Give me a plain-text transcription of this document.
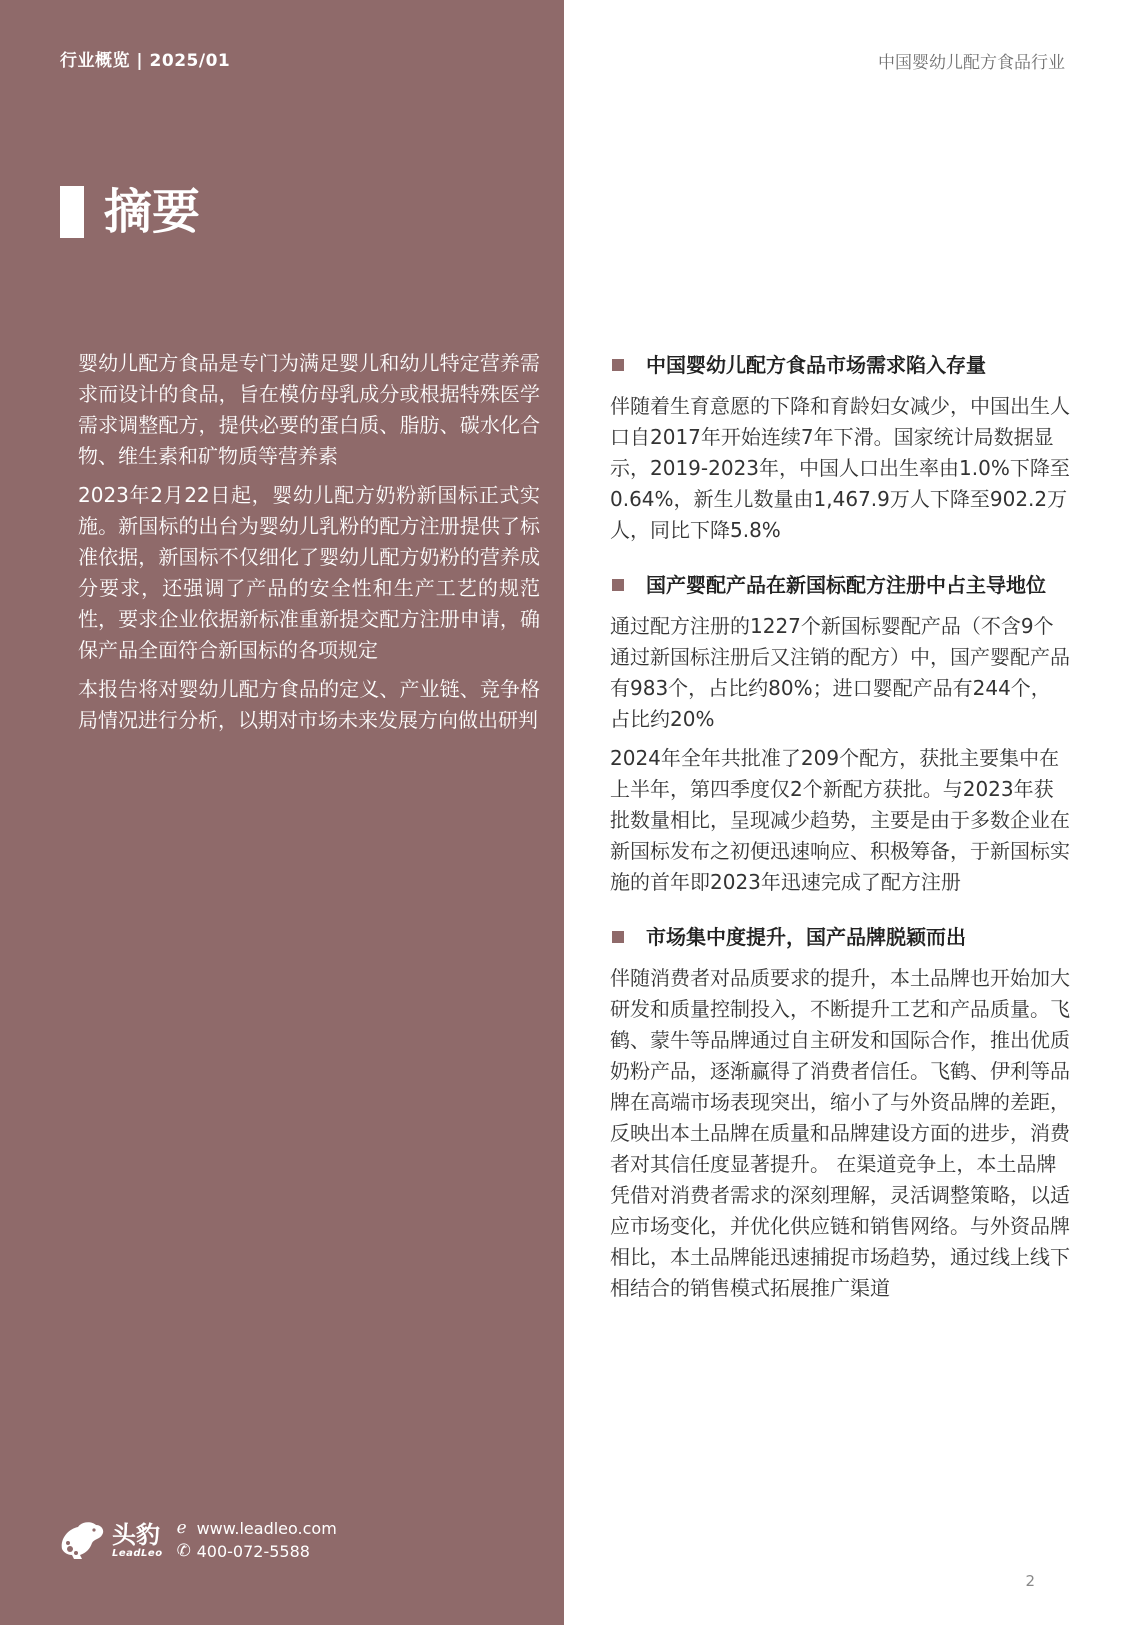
行业概览 | 2025/01
摘要

婴幼儿配方食品是专门为满足婴儿和幼儿特定营养需求而设计的食品，旨在模仿母乳成分或根据特殊医学需求调整配方，提供必要的蛋白质、脂肪、碳水化合物、维生素和矿物质等营养素

2023年2月22日起，婴幼儿配方奶粉新国标正式实施。新国标的出台为婴幼儿乳粉的配方注册提供了标准依据，新国标不仅细化了婴幼儿配方奶粉的营养成分要求，还强调了产品的安全性和生产工艺的规范性，要求企业依据新标准重新提交配方注册申请，确保产品全面符合新国标的各项规定

本报告将对婴幼儿配方食品的定义、产业链、竞争格局情况进行分析，以期对市场未来发展方向做出研判

头豹
LeadLeo
ℯ www.leadleo.com
✆ 400-072-5588
中国婴幼儿配方食品行业
中国婴幼儿配方食品市场需求陷入存量

伴随着生育意愿的下降和育龄妇女减少，中国出生人口自2017年开始连续7年下滑。国家统计局数据显示，2019-2023年，中国人口出生率由1.0%下降至0.64%，新生儿数量由1,467.9万人下降至902.2万人，同比下降5.8%

国产婴配产品在新国标配方注册中占主导地位

通过配方注册的1227个新国标婴配产品（不含9个通过新国标注册后又注销的配方）中，国产婴配产品有983个，占比约80%；进口婴配产品有244个，占比约20%

2024年全年共批准了209个配方，获批主要集中在上半年，第四季度仅2个新配方获批。与2023年获批数量相比，呈现减少趋势，主要是由于多数企业在新国标发布之初便迅速响应、积极筹备，于新国标实施的首年即2023年迅速完成了配方注册

市场集中度提升，国产品牌脱颖而出

伴随消费者对品质要求的提升，本土品牌也开始加大研发和质量控制投入，不断提升工艺和产品质量。飞鹤、蒙牛等品牌通过自主研发和国际合作，推出优质奶粉产品，逐渐赢得了消费者信任。飞鹤、伊利等品牌在高端市场表现突出，缩小了与外资品牌的差距，反映出本土品牌在质量和品牌建设方面的进步，消费者对其信任度显著提升。 在渠道竞争上，本土品牌凭借对消费者需求的深刻理解，灵活调整策略，以适应市场变化，并优化供应链和销售网络。与外资品牌相比，本土品牌能迅速捕捉市场趋势，通过线上线下相结合的销售模式拓展推广渠道

2
